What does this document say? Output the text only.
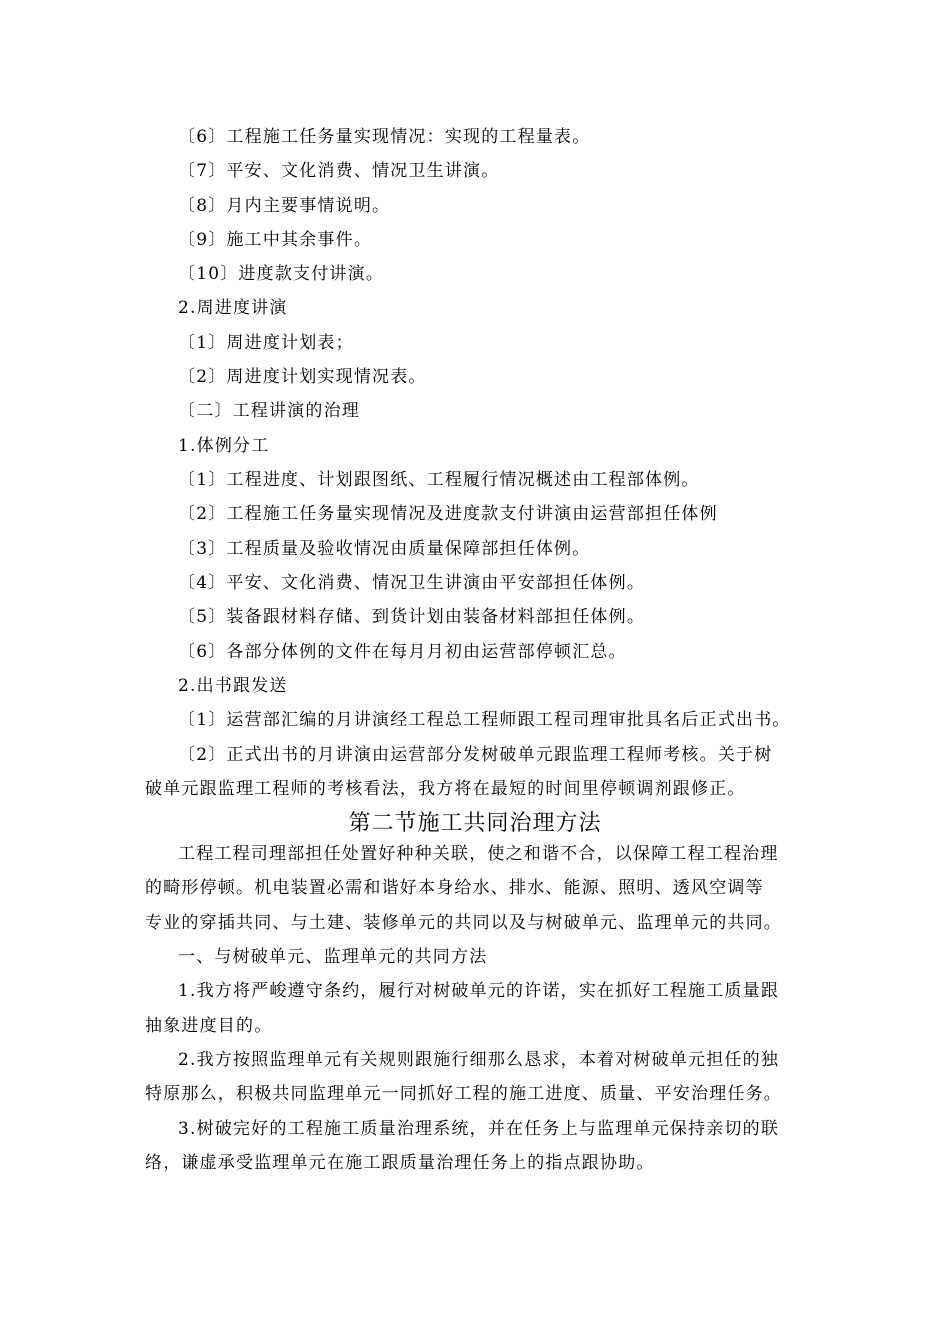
〔6〕工程施工任务量实现情况：实现的工程量表。
〔7〕平安、文化消费、情况卫生讲演。
〔8〕月内主要事情说明。
〔9〕施工中其余事件。
〔10〕进度款支付讲演。
2.周进度讲演
〔1〕周进度计划表；
〔2〕周进度计划实现情况表。
〔二〕工程讲演的治理
1.体例分工
〔1〕工程进度、计划跟图纸、工程履行情况概述由工程部体例。
〔2〕工程施工任务量实现情况及进度款支付讲演由运营部担任体例
〔3〕工程质量及验收情况由质量保障部担任体例。
〔4〕平安、文化消费、情况卫生讲演由平安部担任体例。
〔5〕装备跟材料存储、到货计划由装备材料部担任体例。
〔6〕各部分体例的文件在每月月初由运营部停顿汇总。
2.出书跟发送
〔1〕运营部汇编的月讲演经工程总工程师跟工程司理审批具名后正式出书。
〔2〕正式出书的月讲演由运营部分发树破单元跟监理工程师考核。关于树
破单元跟监理工程师的考核看法，我方将在最短的时间里停顿调剂跟修正。
第二节施工共同治理方法
工程工程司理部担任处置好种种关联，使之和谐不合，以保障工程工程治理
的畸形停顿。机电装置必需和谐好本身给水、排水、能源、照明、透风空调等
专业的穿插共同、与土建、装修单元的共同以及与树破单元、监理单元的共同。
一、与树破单元、监理单元的共同方法
1.我方将严峻遵守条约，履行对树破单元的许诺，实在抓好工程施工质量跟
抽象进度目的。
2.我方按照监理单元有关规则跟施行细那么恳求，本着对树破单元担任的独
特原那么，积极共同监理单元一同抓好工程的施工进度、质量、平安治理任务。
3.树破完好的工程施工质量治理系统，并在任务上与监理单元保持亲切的联
络，谦虚承受监理单元在施工跟质量治理任务上的指点跟协助。
